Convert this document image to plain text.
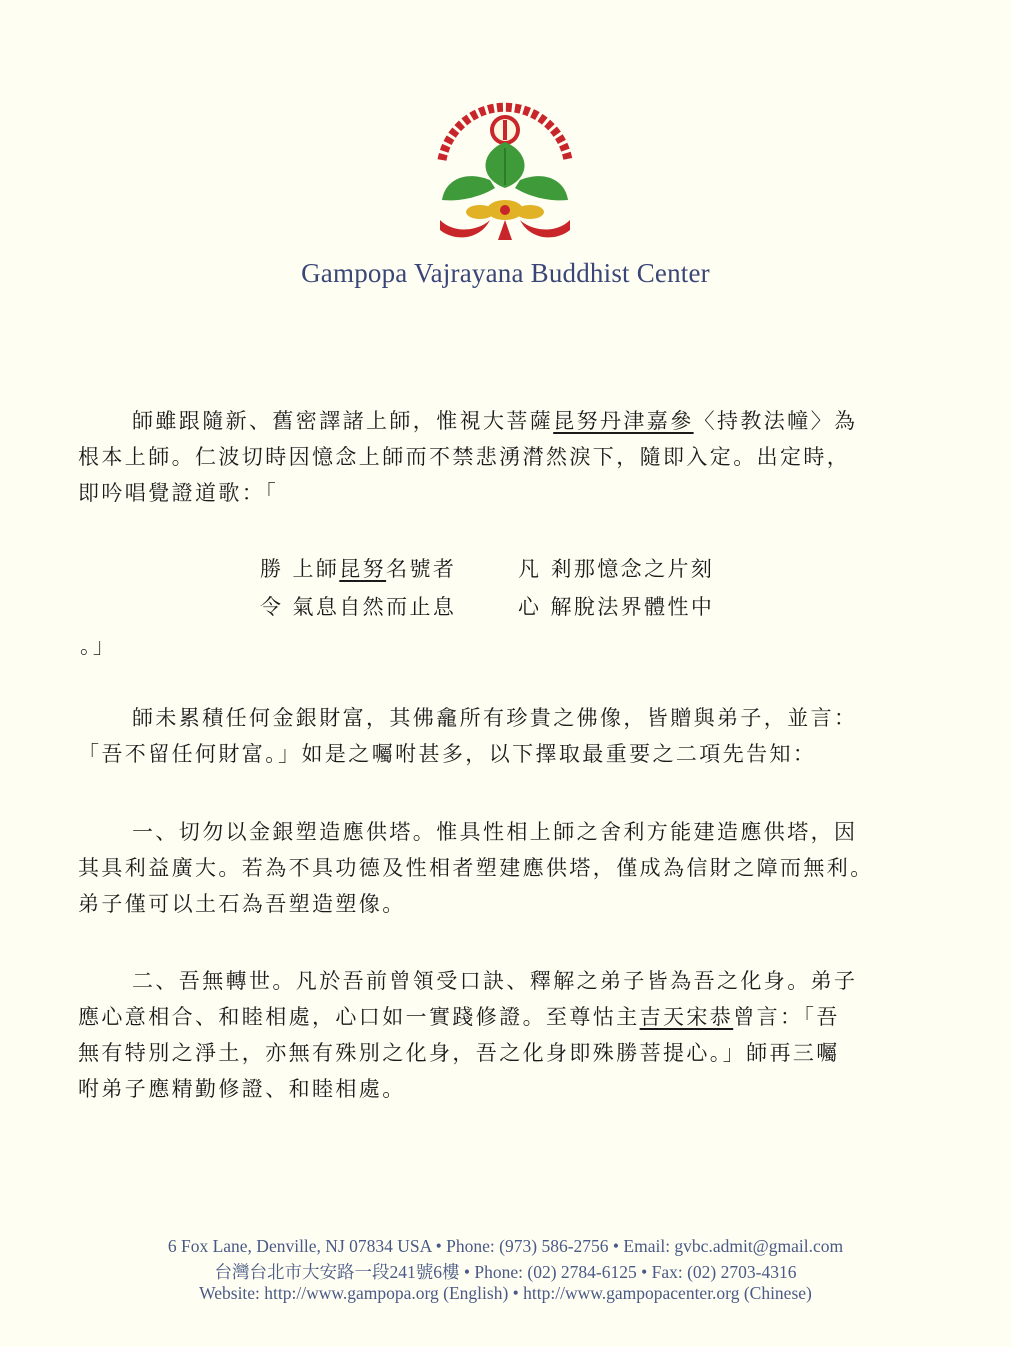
Gampopa Vajrayana Buddhist Center
師雖跟隨新、舊密譯諸上師，惟視大菩薩昆努丹津嘉參〈持教法幢〉為
根本上師。仁波切時因憶念上師而不禁悲湧潸然淚下，隨即入定。出定時，
即吟唱覺證道歌：「
勝 上師昆努名號者	凡 剎那憶念之片刻
令 氣息自然而止息	心 解脫法界體性中
。」
師未累積任何金銀財富，其佛龕所有珍貴之佛像，皆贈與弟子，並言：
「吾不留任何財富。」如是之囑咐甚多，以下擇取最重要之二項先告知：
一、切勿以金銀塑造應供塔。惟具性相上師之舍利方能建造應供塔，因
其具利益廣大。若為不具功德及性相者塑建應供塔，僅成為信財之障而無利。
弟子僅可以土石為吾塑造塑像。
二、吾無轉世。凡於吾前曾領受口訣、釋解之弟子皆為吾之化身。弟子
應心意相合、和睦相處，心口如一實踐修證。至尊怙主吉天宋恭曾言：「吾
無有特別之淨土，亦無有殊別之化身，吾之化身即殊勝菩提心。」師再三囑
咐弟子應精勤修證、和睦相處。
6 Fox Lane, Denville, NJ 07834 USA • Phone: (973) 586-2756 • Email: gvbc.admit@gmail.com
台灣台北市大安路一段241號6樓 • Phone: (02) 2784-6125 • Fax: (02) 2703-4316
Website: http://www.gampopa.org (English) • http://www.gampopacenter.org (Chinese)
